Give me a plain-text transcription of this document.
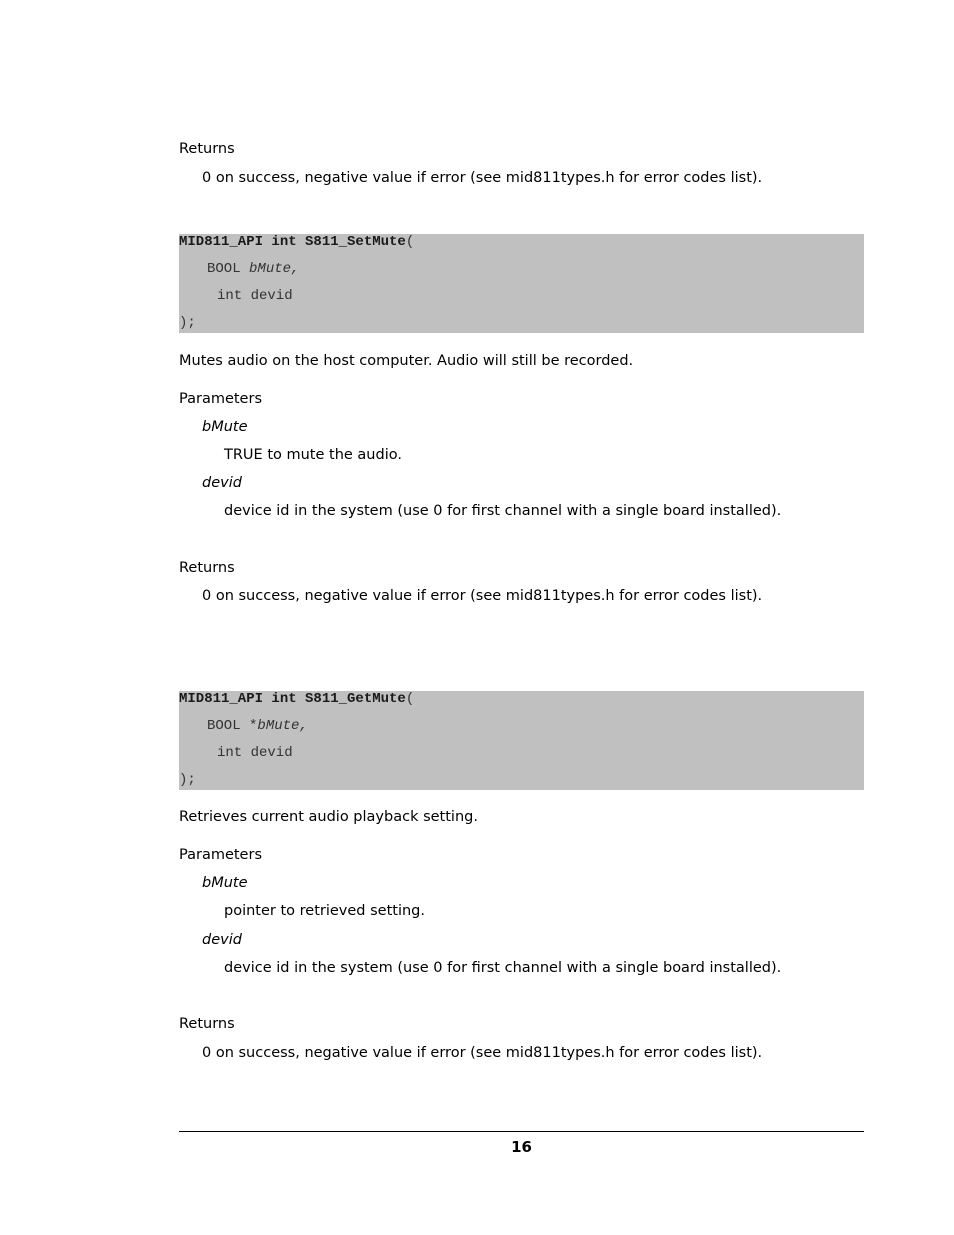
Returns
0 on success, negative value if error (see mid811types.h for error codes list).
MID811_API int S811_SetMute(
BOOL bMute,
int devid
);
Mutes audio on the host computer. Audio will still be recorded.
Parameters
bMute
TRUE to mute the audio.
devid
device id in the system (use 0 for first channel with a single board installed).
Returns
0 on success, negative value if error (see mid811types.h for error codes list).
MID811_API int S811_GetMute(
BOOL *bMute,
int devid
);
Retrieves current audio playback setting.
Parameters
bMute
pointer to retrieved setting.
devid
device id in the system (use 0 for first channel with a single board installed).
Returns
0 on success, negative value if error (see mid811types.h for error codes list).
16
